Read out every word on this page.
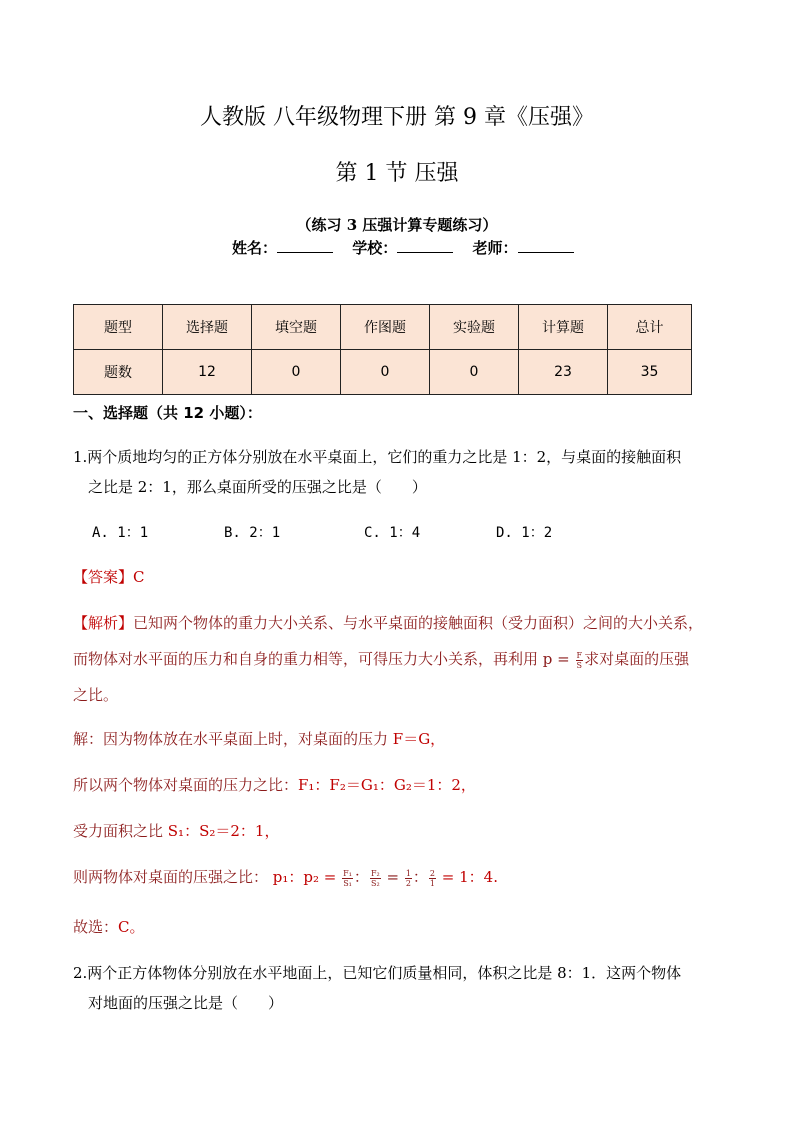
人教版 八年级物理下册 第 9 章《压强》
第 1 节 压强
（练习 3 压强计算专题练习）
姓名：	学校：	老师：
题型	选择题	填空题	作图题	实验题	计算题	总计
题数	12	0	0	0	23	35
一、选择题（共 12 小题）：
1.两个质地均匀的正方体分别放在水平桌面上，它们的重力之比是 1：2，与桌面的接触面积
之比是 2：1，那么桌面所受的压强之比是（　　）
A. 1：1	B. 2：1	C. 1：4	D. 1：2
【答案】C
【解析】已知两个物体的重力大小关系、与水平桌面的接触面积（受力面积）之间的大小关系，
而物体对水平面的压力和自身的重力相等，可得压力大小关系，再利用 $p = \frac{F}{S}$ 求对桌面的压强
之比。
解：因为物体放在水平桌面上时，对桌面的压力 F＝G，
所以两个物体对桌面的压力之比：F₁：F₂＝G₁：G₂＝1：2，
受力面积之比 S₁：S₂＝2：1，
则两物体对桌面的压强之比： p₁：$p_2 = \frac{\text{F₁}}{\text{S₁}}$ ： $\frac{\text{F₂}}{\text{S₂}} = \frac{1}{2}$ ： $\frac{2}{1} = 1$：4.
故选：C。
2.两个正方体物体分别放在水平地面上，已知它们质量相同，体积之比是 8：1．这两个物体
对地面的压强之比是（　　）
